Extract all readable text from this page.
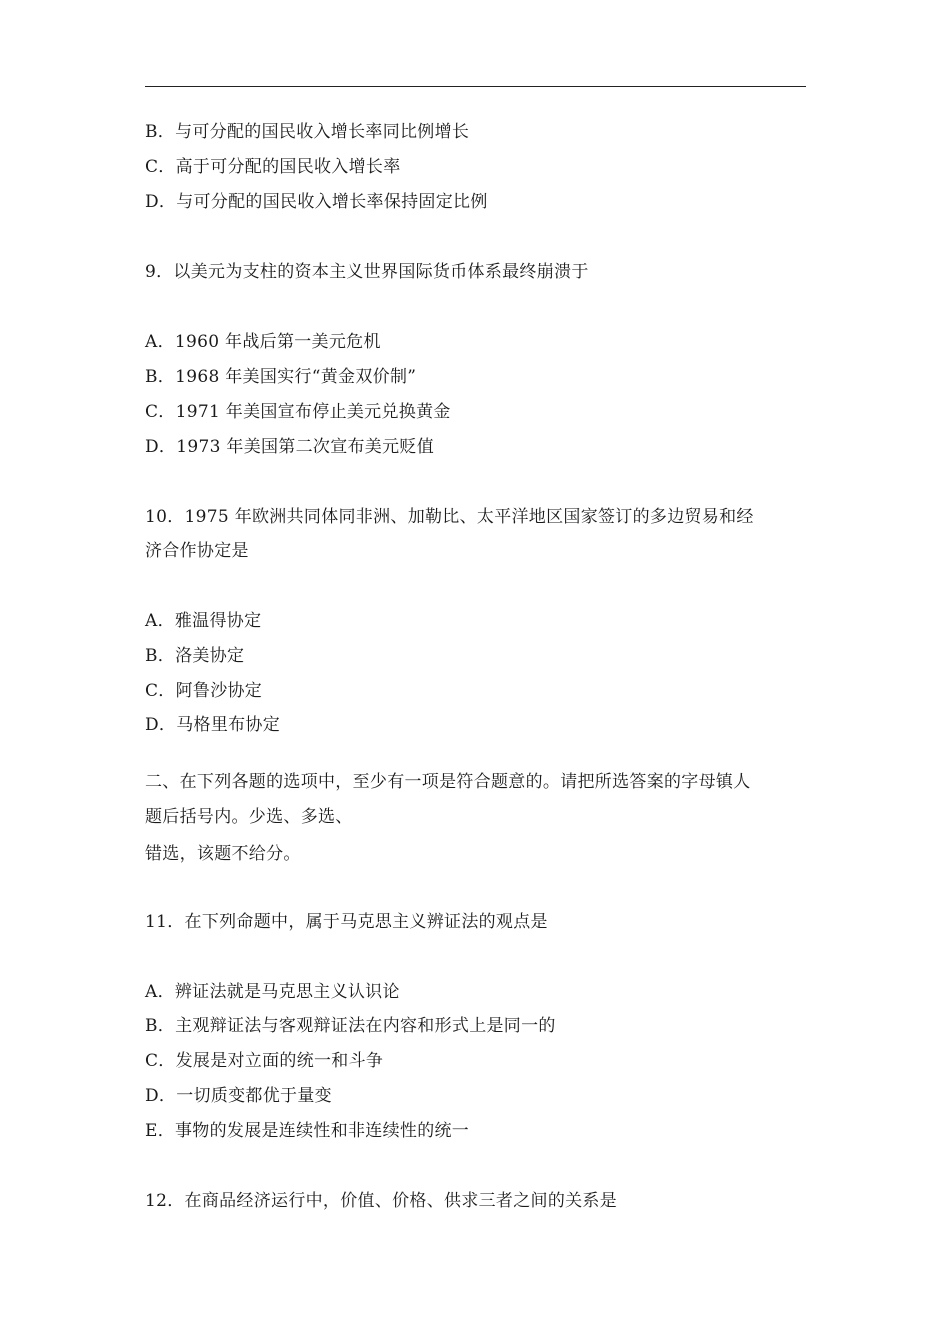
B．与可分配的国民收入增长率同比例增长
C．高于可分配的国民收入增长率
D．与可分配的国民收入增长率保持固定比例
9．以美元为支柱的资本主义世界国际货币体系最终崩溃于
A．1960 年战后第一美元危机
B．1968 年美国实行“黄金双价制”
C．1971 年美国宣布停止美元兑换黄金
D．1973 年美国第二次宣布美元贬值
10．1975 年欧洲共同体同非洲、加勒比、太平洋地区国家签订的多边贸易和经
济合作协定是
A．雅温得协定
B．洛美协定
C．阿鲁沙协定
D．马格里布协定
二、在下列各题的选项中，至少有一项是符合题意的。请把所选答案的字母镇人
题后括号内。少选、多选、
错选，该题不给分。
11．在下列命题中，属于马克思主义辨证法的观点是
A．辨证法就是马克思主义认识论
B．主观辩证法与客观辩证法在内容和形式上是同一的
C．发展是对立面的统一和斗争
D．一切质变都优于量变
E．事物的发展是连续性和非连续性的统一
12．在商品经济运行中，价值、价格、供求三者之间的关系是
